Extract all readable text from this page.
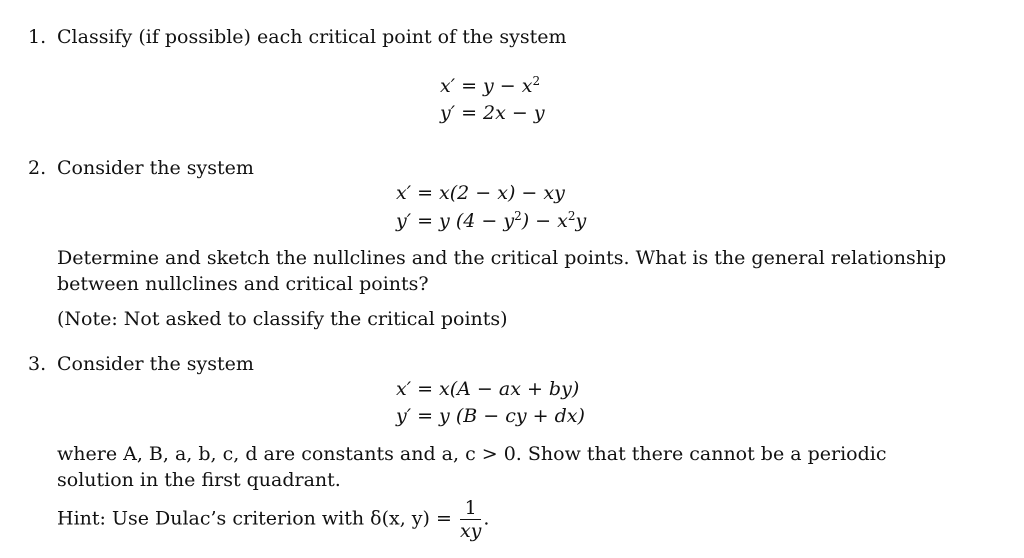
1. Classify (if possible) each critical point of the system
$x' = y - x^2$
y′ = 2x − y
2. Consider the system
x′ = x(2 − x) − xy
y′ = y $(4 - y^2) - x^2y$
Determine and sketch the nullclines and the critical points. What is the general relationship between nullclines and critical points?
(Note: Not asked to classify the critical points)
3. Consider the system
x′ = x(A − ax + by)
y′ = y (B − cy + dx)
where A, B, a, b, c, d are constants and a, c > 0. Show that there cannot be a periodic solution in the first quadrant.
Hint: Use Dulac’s criterion with δ(x, $y) = \frac{1}{xy}$ .
